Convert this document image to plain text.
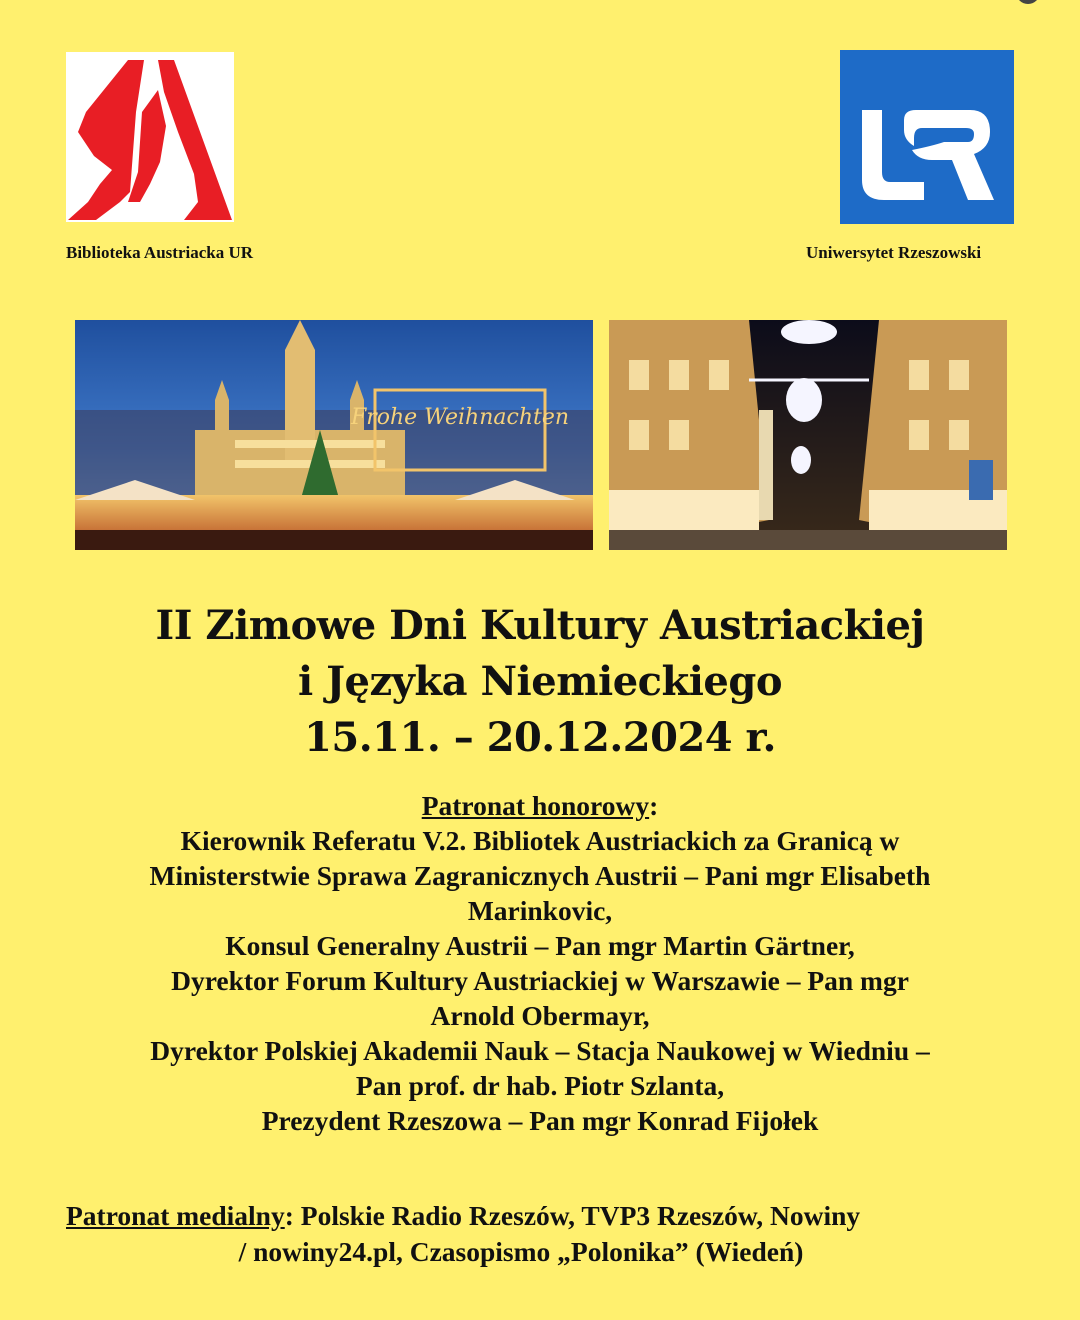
Biblioteka Austriacka UR	Uniwersytet Rzeszowski
Frohe Weihnachten
II Zimowe Dni Kultury Austriackiej
i Języka Niemieckiego
15.11. – 20.12.2024 r.
Patronat honorowy:
Kierownik Referatu V.2. Bibliotek Austriackich za Granicą w
Ministerstwie Sprawa Zagranicznych Austrii – Pani mgr Elisabeth
Marinkovic,
Konsul Generalny Austrii – Pan mgr Martin Gärtner,
Dyrektor Forum Kultury Austriackiej w Warszawie – Pan mgr
Arnold Obermayr,
Dyrektor Polskiej Akademii Nauk – Stacja Naukowej w Wiedniu –
Pan prof. dr hab. Piotr Szlanta,
Prezydent Rzeszowa – Pan mgr Konrad Fijołek
Patronat medialny: Polskie Radio Rzeszów, TVP3 Rzeszów, Nowiny
/ nowiny24.pl, Czasopismo „Polonika” (Wiedeń)
